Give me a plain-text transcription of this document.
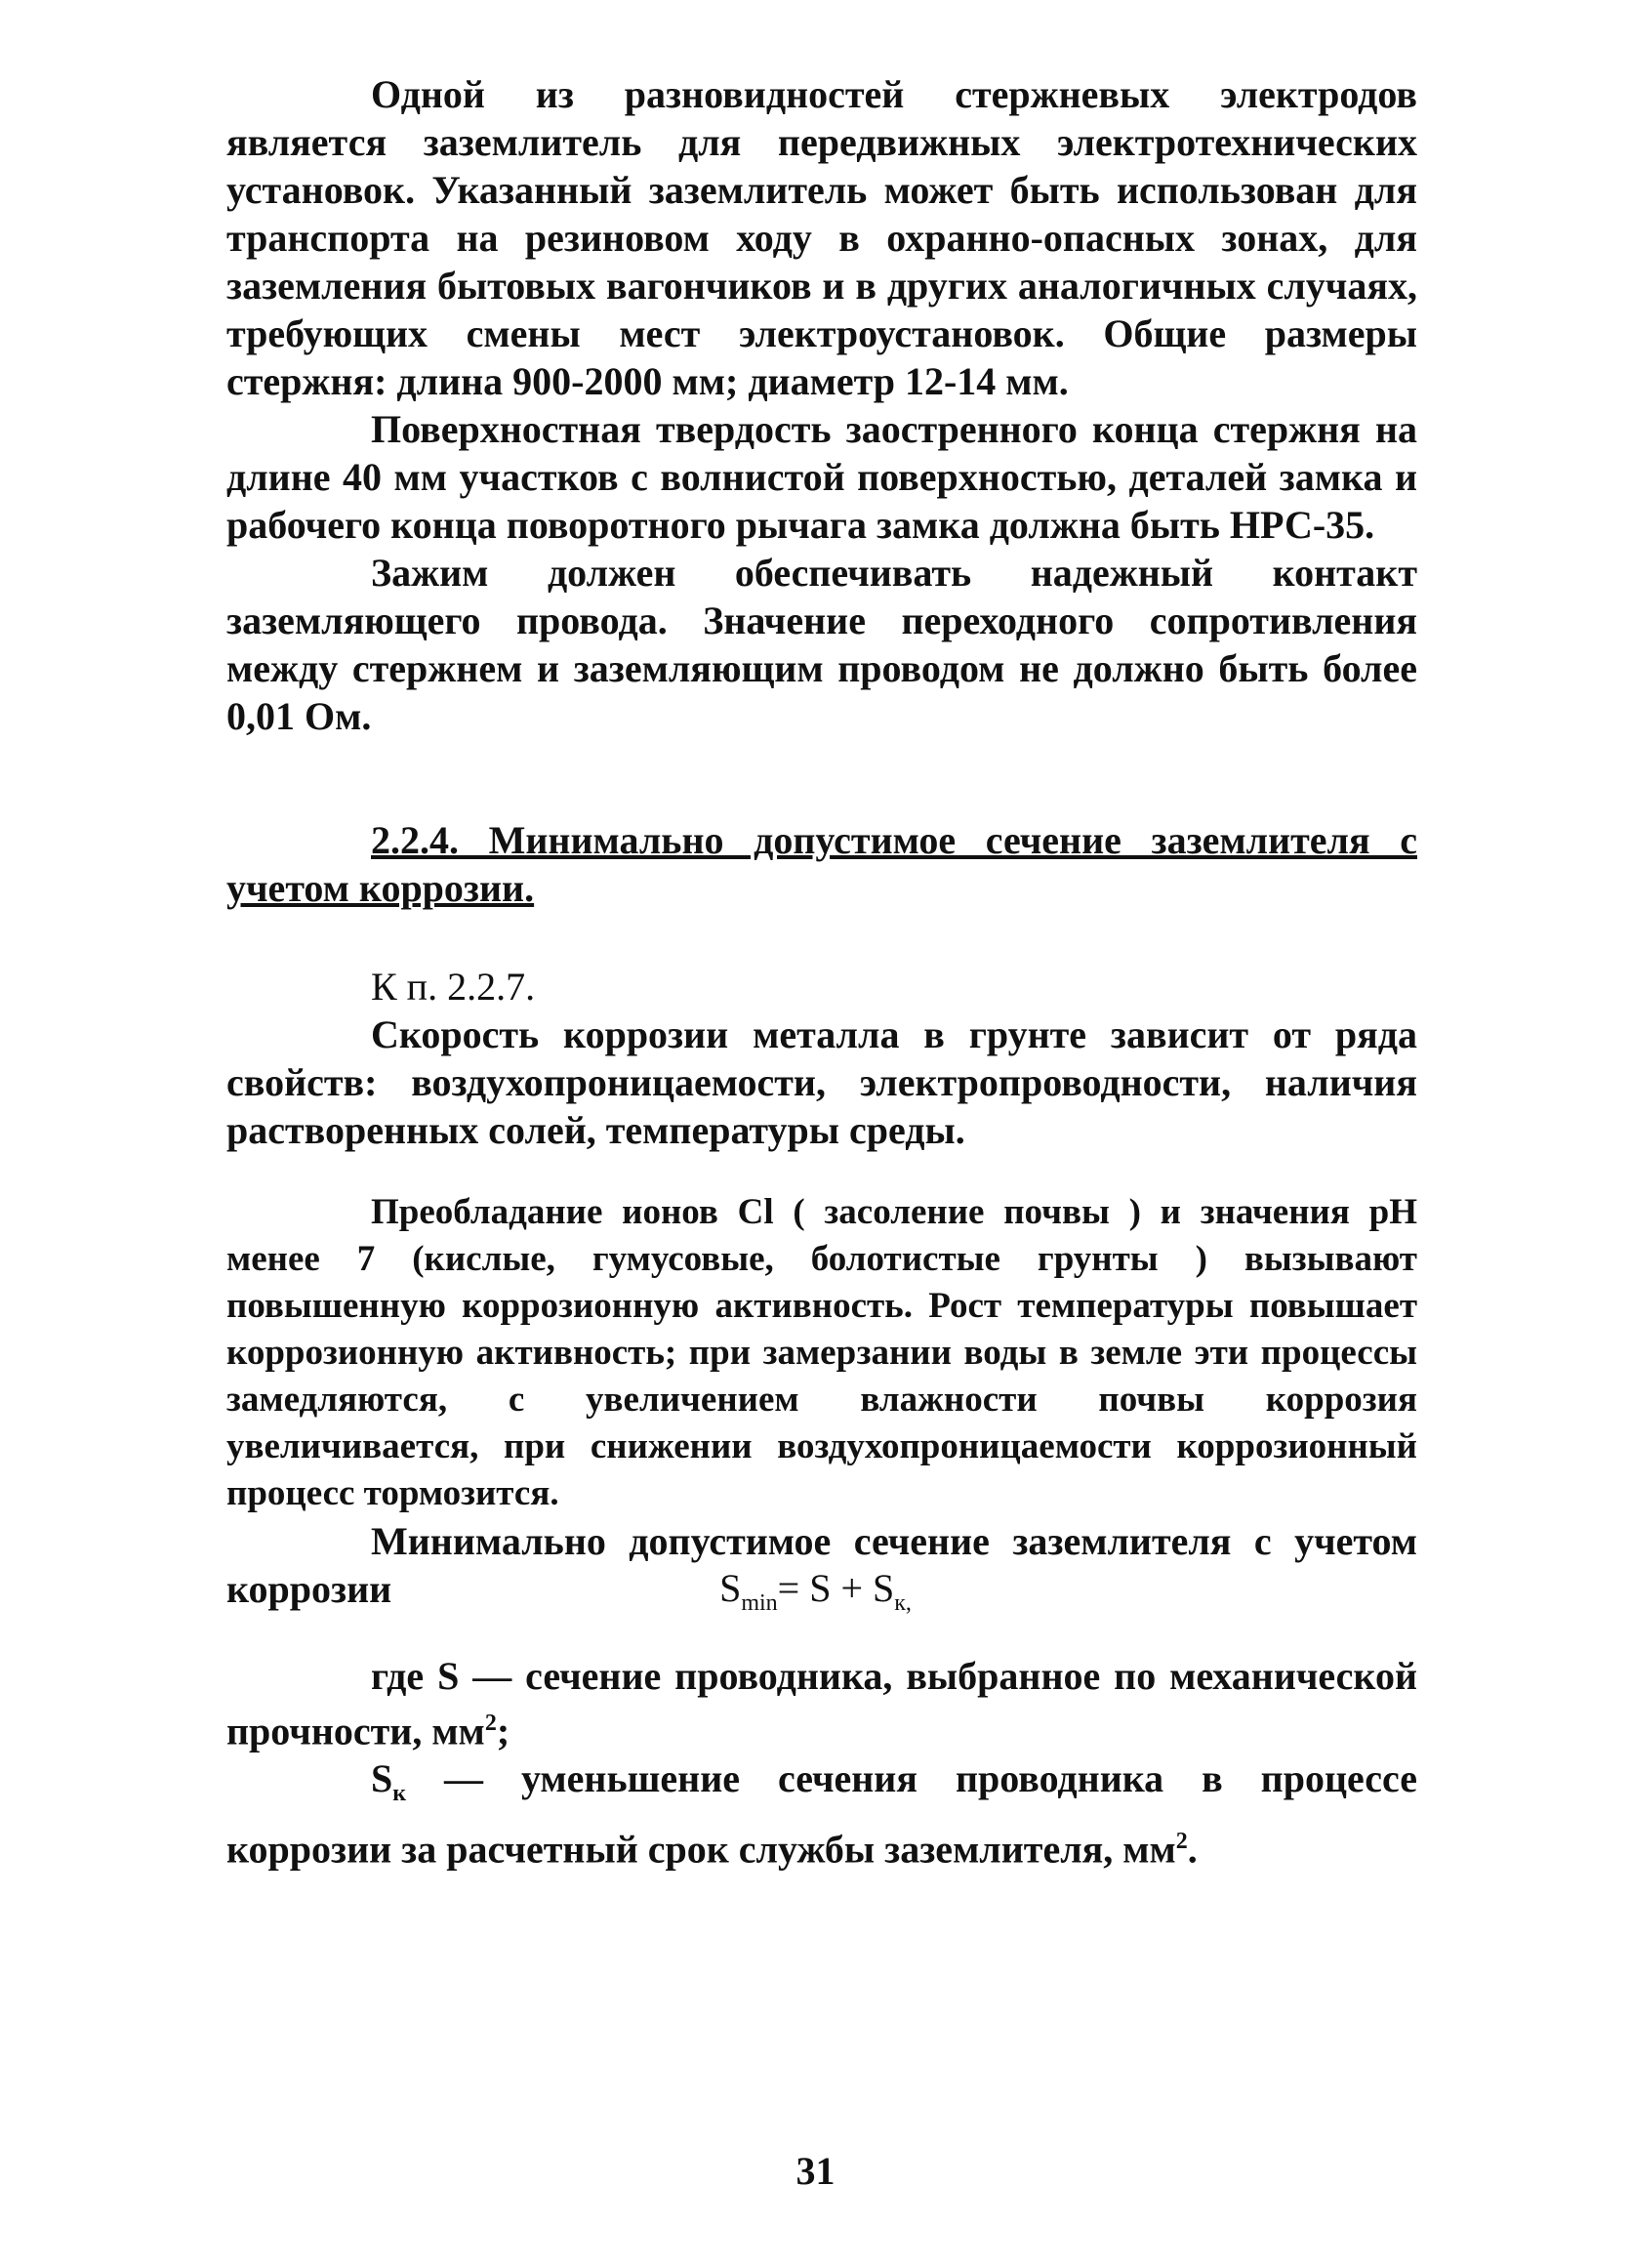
Одной из разновидностей стержневых электродов является заземлитель для передвижных электротехнических установок. Указанный заземлитель может быть использован для транспорта на резиновом ходу в охранно-опасных зонах, для заземления бытовых вагончиков и в других аналогичных случаях, требующих смены мест электроустановок. Общие размеры стержня: длина 900-2000 мм; диаметр 12-14 мм.

Поверхностная твердость заостренного конца стержня на длине 40 мм участков с волнистой поверхностью, деталей замка и рабочего конца поворотного рычага замка должна быть НРС-35.

Зажим должен обеспечивать надежный контакт заземляющего провода. Значение переходного сопротивления между стержнем и заземляющим проводом не должно быть более 0,01 Ом.

2.2.4. Минимально допустимое сечение заземлителя с учетом коррозии.

К п. 2.2.7.

Скорость коррозии металла в грунте зависит от ряда свойств: воздухопроницаемости, электропроводности, наличия растворенных солей, температуры среды.

Преобладание ионов Cl ( засоление почвы ) и значения pH менее 7 (кислые, гумусовые, болотистые грунты ) вызывают повышенную коррозионную активность. Рост температуры повышает коррозионную активность; при замерзании воды в земле эти процессы замедляются, с увеличением влажности почвы коррозия увеличивается, при снижении воздухопроницаемости коррозионный процесс тормозится.

Минимально допустимое сечение заземлителя с учетом коррозии	$S_{min}= S + S_{к,}$

где S — сечение проводника, выбранное по механической прочности, $мм^2$;

$S_к$ — уменьшение сечения проводника в процессе коррозии за расчетный срок службы заземлителя, $мм^2$.

31
